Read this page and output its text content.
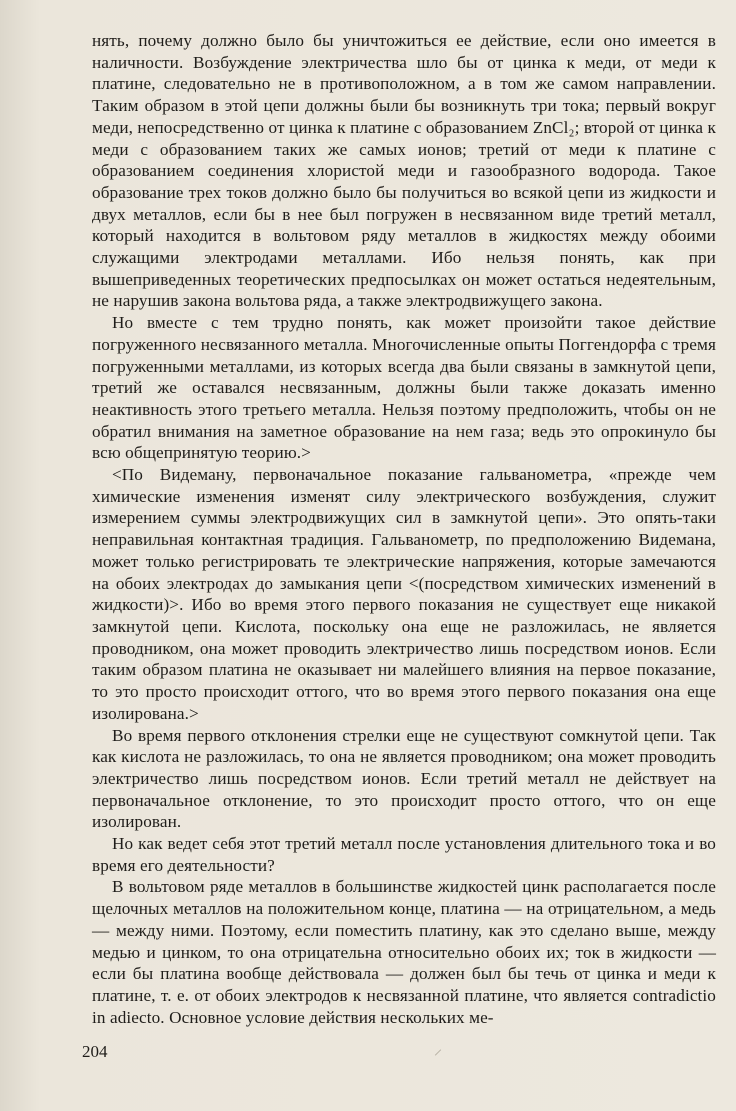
нять, почему должно было бы уничтожиться ее действие, если оно имеется в наличности. Возбуждение электричества шло бы от цинка к меди, от меди к платине, следовательно не в противоположном, а в том же самом направлении. Таким образом в этой цепи должны были бы возникнуть три тока; первый вокруг меди, непосредственно от цинка к платине с образованием ZnCl₂; второй от цинка к меди с образованием таких же самых ионов; третий от меди к платине с образованием соединения хлористой меди и газообразного водорода. Такое образование трех токов должно было бы получиться во всякой цепи из жидкости и двух металлов, если бы в нее был погружен в несвязанном виде третий металл, который находится в вольтовом ряду металлов в жидкостях между обоими служащими электродами металлами. Ибо нельзя понять, как при вышеприведенных теоретических предпосылках он может остаться недеятельным, не нарушив закона вольтова ряда, а также электродвижущего закона.

Но вместе с тем трудно понять, как может произойти такое действие погруженного несвязанного металла. Многочисленные опыты Поггендорфа с тремя погруженными металлами, из которых всегда два были связаны в замкнутой цепи, третий же оставался несвязанным, должны были также доказать именно неактивность этого третьего металла. Нельзя поэтому предположить, чтобы он не обратил внимания на заметное образование на нем газа; ведь это опрокинуло бы всю общепринятую теорию.>

<По Видеману, первоначальное показание гальванометра, «прежде чем химические изменения изменят силу электрического возбуждения, служит измерением суммы электродвижущих сил в замкнутой цепи». Это опять-таки неправильная контактная традиция. Гальванометр, по предположению Видемана, может только регистрировать те электрические напряжения, которые замечаются на обоих электродах до замыкания цепи <(посредством химических изменений в жидкости)>. Ибо во время этого первого показания не существует еще никакой замкнутой цепи. Кислота, поскольку она еще не разложилась, не является проводником, она может проводить электричество лишь посредством ионов. Если таким образом платина не оказывает ни малейшего влияния на первое показание, то это просто происходит оттого, что во время этого первого показания она еще изолирована.>

Во время первого отклонения стрелки еще не существуют сомкнутой цепи. Так как кислота не разложилась, то она не является проводником; она может проводить электричество лишь посредством ионов. Если третий металл не действует на первоначальное отклонение, то это происходит просто оттого, что он еще изолирован.

Но как ведет себя этот третий металл после установления длительного тока и во время его деятельности?

В вольтовом ряде металлов в большинстве жидкостей цинк располагается после щелочных металлов на положительном конце, платина — на отрицательном, а медь — между ними. Поэтому, если поместить платину, как это сделано выше, между медью и цинком, то она отрицательна относительно обоих их; ток в жидкости — если бы платина вообще действовала — должен был бы течь от цинка и меди к платине, т. е. от обоих электродов к несвязанной платине, что является contradictio in adiecto. Основное условие действия нескольких ме-

204
